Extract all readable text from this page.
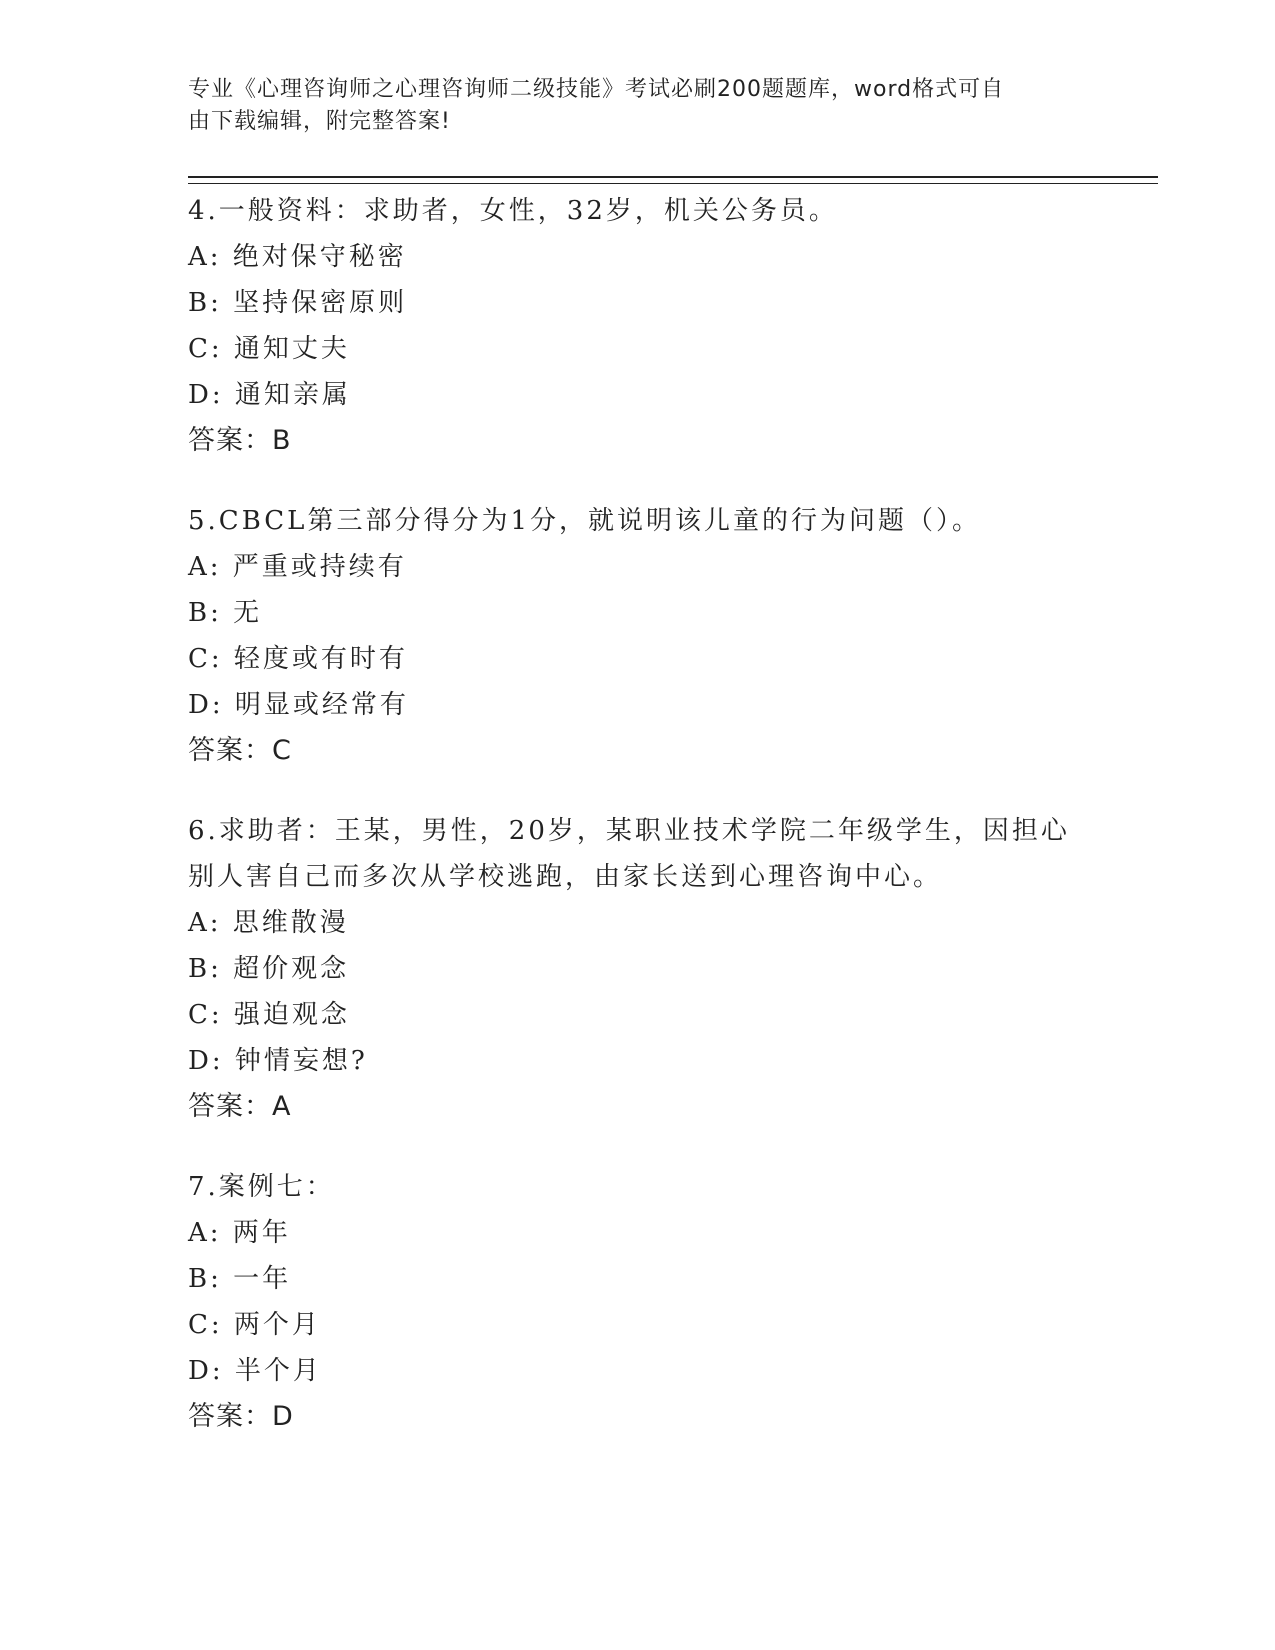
专业《心理咨询师之心理咨询师二级技能》考试必刷200题题库，word格式可自
由下载编辑，附完整答案!
4.一般资料：求助者，女性，32岁，机关公务员。
A: 绝对保守秘密
B: 坚持保密原则
C: 通知丈夫
D: 通知亲属
答案：B
5.CBCL第三部分得分为1分，就说明该儿童的行为问题（）。
A: 严重或持续有
B: 无
C: 轻度或有时有
D: 明显或经常有
答案：C
6.求助者：王某，男性，20岁，某职业技术学院二年级学生，因担心
别人害自己而多次从学校逃跑，由家长送到心理咨询中心。
A: 思维散漫
B: 超价观念
C: 强迫观念
D: 钟情妄想?
答案：A
7.案例七：
A: 两年
B: 一年
C: 两个月
D: 半个月
答案：D
